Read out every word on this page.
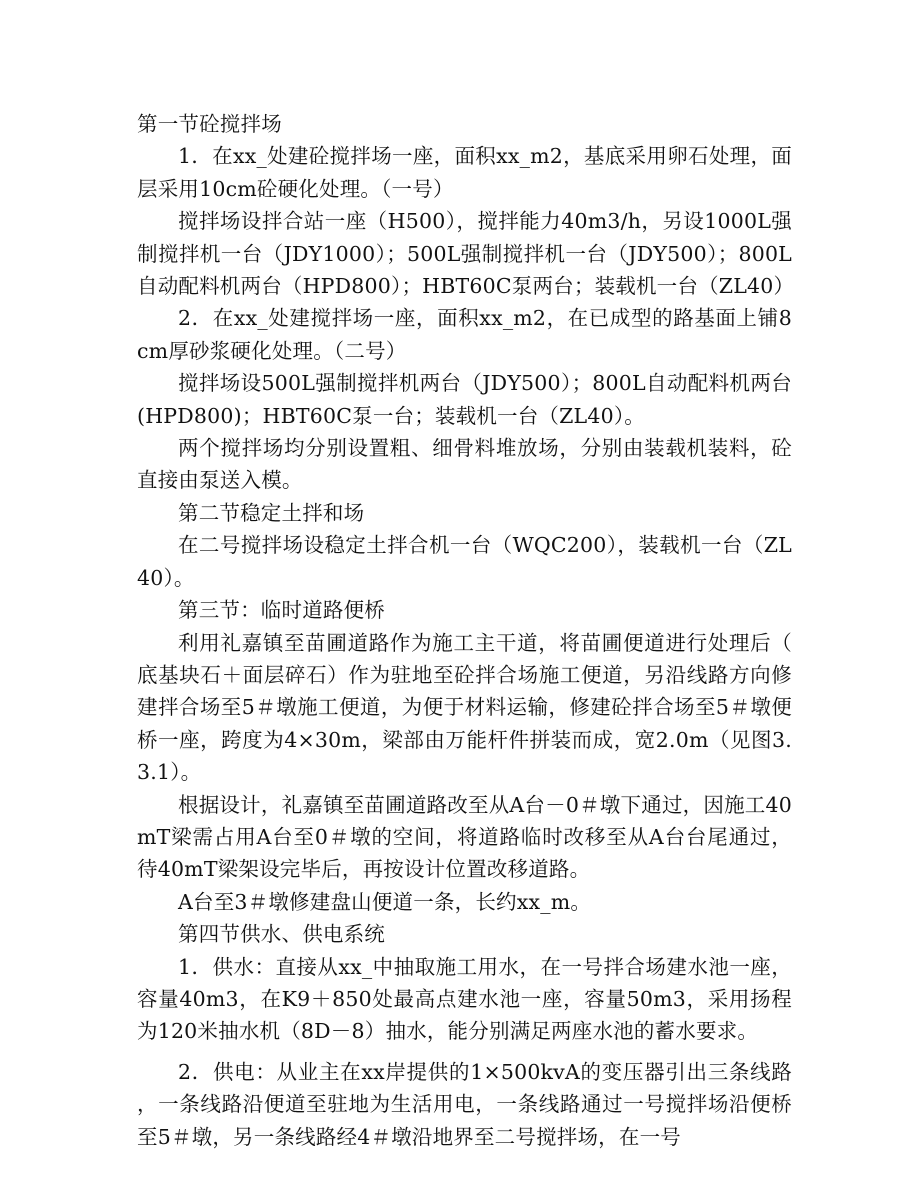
第一节砼搅拌场

1．在xx_处建砼搅拌场一座，面积xx_m2，基底采用卵石处理，面层采用10cm砼硬化处理。（一号）

搅拌场设拌合站一座（H500），搅拌能力40m3/h，另设1000L强制搅拌机一台（JDY1000）；500L强制搅拌机一台（JDY500）；800L自动配料机两台（HPD800）；HBT60C泵两台；装载机一台（ZL40）

2．在xx_处建搅拌场一座，面积xx_m2，在已成型的路基面上铺8cm厚砂浆硬化处理。（二号）

搅拌场设500L强制搅拌机两台（JDY500）；800L自动配料机两台(HPD800)；HBT60C泵一台；装载机一台（ZL40）。

两个搅拌场均分别设置粗、细骨料堆放场，分别由装载机装料，砼直接由泵送入模。

第二节稳定土拌和场

在二号搅拌场设稳定土拌合机一台（WQC200），装载机一台（ZL40）。

第三节：临时道路便桥

利用礼嘉镇至苗圃道路作为施工主干道，将苗圃便道进行处理后（底基块石＋面层碎石）作为驻地至砼拌合场施工便道，另沿线路方向修建拌合场至5＃墩施工便道，为便于材料运输，修建砼拌合场至5＃墩便桥一座，跨度为4×30m，梁部由万能杆件拼装而成，宽2.0m（见图3.3.1）。

根据设计，礼嘉镇至苗圃道路改至从A台－0＃墩下通过，因施工40mT梁需占用A台至0＃墩的空间，将道路临时改移至从A台台尾通过，待40mT梁架设完毕后，再按设计位置改移道路。

A台至3＃墩修建盘山便道一条，长约xx_m。

第四节供水、供电系统

1．供水：直接从xx_中抽取施工用水，在一号拌合场建水池一座，容量40m3，在K9＋850处最高点建水池一座，容量50m3，采用扬程为120米抽水机（8D－8）抽水，能分别满足两座水池的蓄水要求。

2．供电：从业主在xx岸提供的1×500kvA的变压器引出三条线路，一条线路沿便道至驻地为生活用电，一条线路通过一号搅拌场沿便桥至5＃墩，另一条线路经4＃墩沿地界至二号搅拌场，在一号
